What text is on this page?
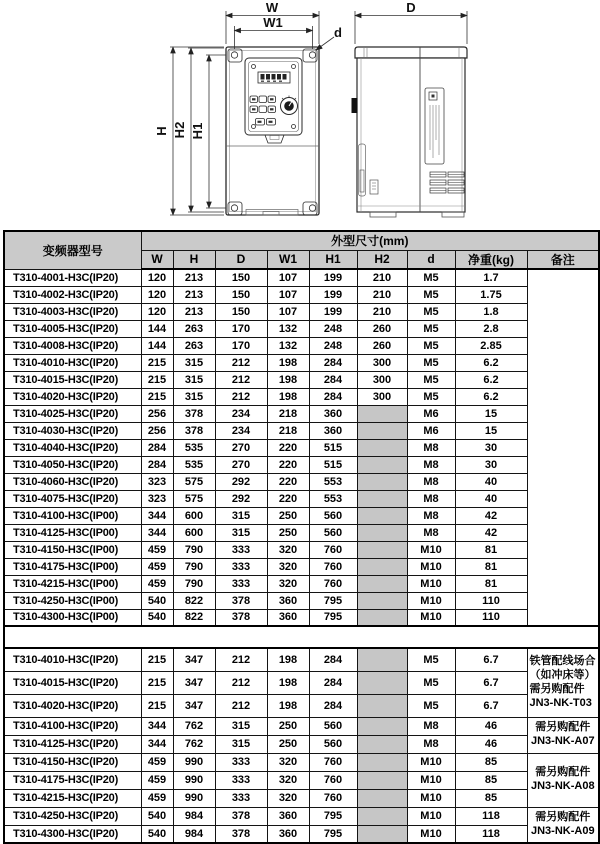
W
W1
d
H H2 H1
D
变频器型号	外型尺寸(mm)								
	W	H	D	W1	H1	H2	d	净重(kg)	备注
T310-4001-H3C(IP20)	120	213	150	107	199	210	M5	1.7	
T310-4002-H3C(IP20)	120	213	150	107	199	210	M5	1.75	
T310-4003-H3C(IP20)	120	213	150	107	199	210	M5	1.8	
T310-4005-H3C(IP20)	144	263	170	132	248	260	M5	2.8	
T310-4008-H3C(IP20)	144	263	170	132	248	260	M5	2.85	
T310-4010-H3C(IP20)	215	315	212	198	284	300	M5	6.2	
T310-4015-H3C(IP20)	215	315	212	198	284	300	M5	6.2	
T310-4020-H3C(IP20)	215	315	212	198	284	300	M5	6.2	
T310-4025-H3C(IP20)	256	378	234	218	360		M6	15	
T310-4030-H3C(IP20)	256	378	234	218	360		M6	15	
T310-4040-H3C(IP20)	284	535	270	220	515		M8	30	
T310-4050-H3C(IP20)	284	535	270	220	515		M8	30	
T310-4060-H3C(IP20)	323	575	292	220	553		M8	40	
T310-4075-H3C(IP20)	323	575	292	220	553		M8	40	
T310-4100-H3C(IP00)	344	600	315	250	560		M8	42	
T310-4125-H3C(IP00)	344	600	315	250	560		M8	42	
T310-4150-H3C(IP00)	459	790	333	320	760		M10	81	
T310-4175-H3C(IP00)	459	790	333	320	760		M10	81	
T310-4215-H3C(IP00)	459	790	333	320	760		M10	81	
T310-4250-H3C(IP00)	540	822	378	360	795		M10	110	
T310-4300-H3C(IP00)	540	822	378	360	795		M10	110	

T310-4010-H3C(IP20)	215	347	212	198	284		M5	6.7	铁管配线场合
（如冲床等）
需另购配件
JN3-NK-T03

T310-4015-H3C(IP20)	215	347	212	198	284		M5	6.7	
T310-4020-H3C(IP20)	215	347	212	198	284		M5	6.7	
T310-4100-H3C(IP20)	344	762	315	250	560		M8	46	需另购配件
JN3-NK-A07

T310-4125-H3C(IP20)	344	762	315	250	560		M8	46	
T310-4150-H3C(IP20)	459	990	333	320	760		M10	85	需另购配件
JN3-NK-A08

T310-4175-H3C(IP20)	459	990	333	320	760		M10	85	
T310-4215-H3C(IP20)	459	990	333	320	760		M10	85	
T310-4250-H3C(IP20)	540	984	378	360	795		M10	118	需另购配件
JN3-NK-A09

T310-4300-H3C(IP20)	540	984	378	360	795		M10	118	
